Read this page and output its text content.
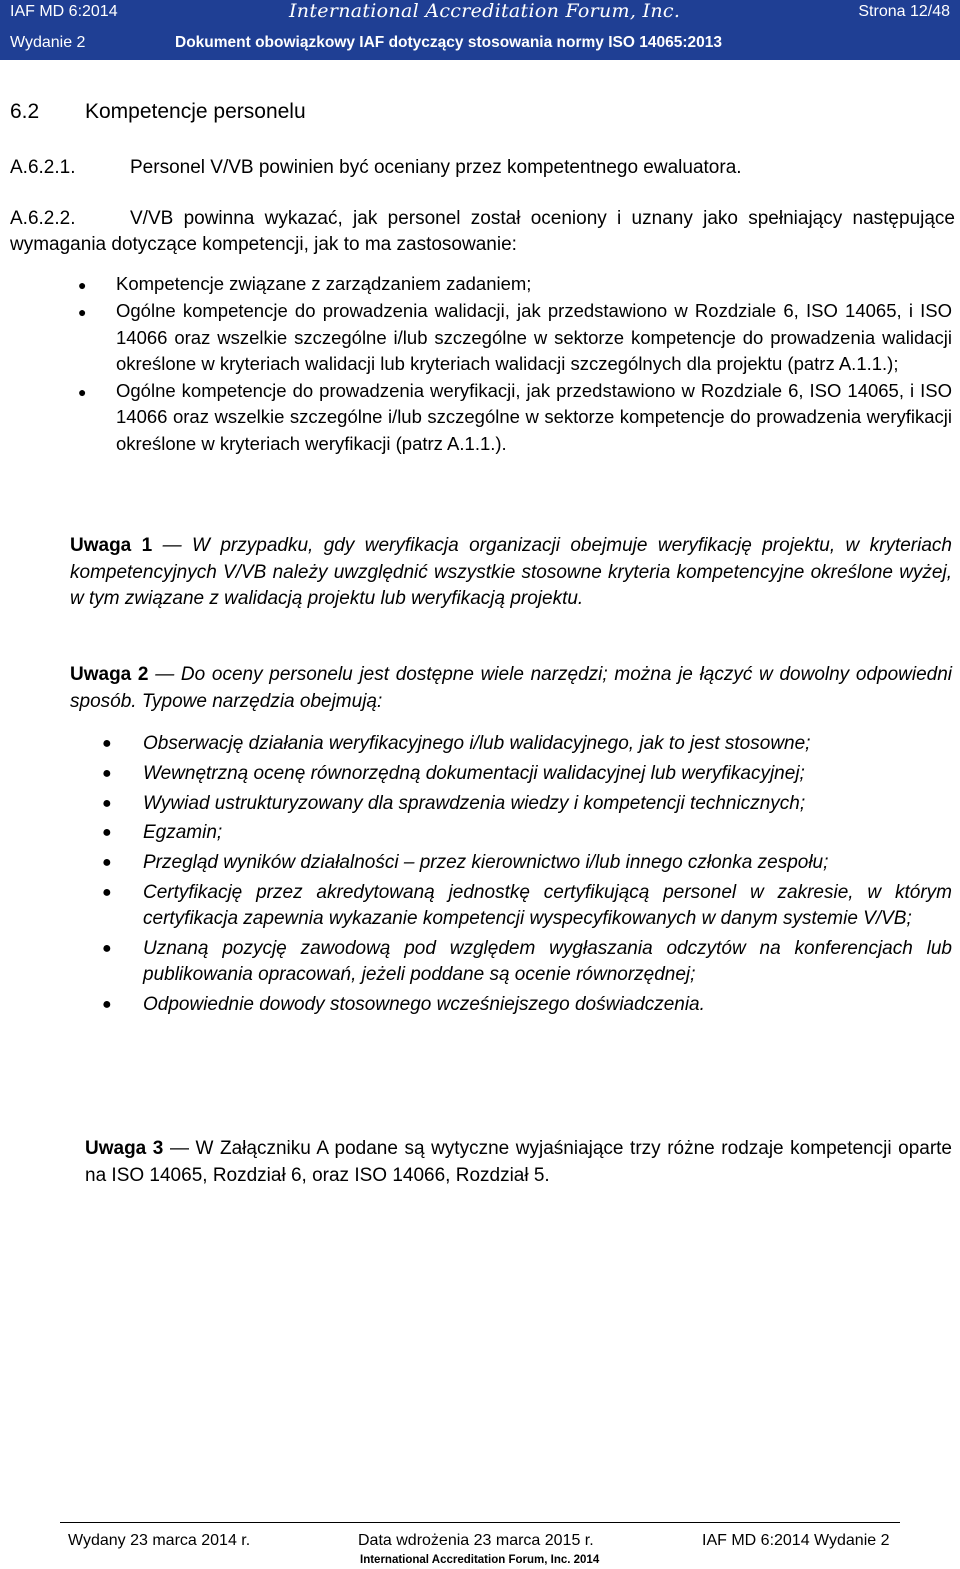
IAF MD 6:2014	International Accreditation Forum, Inc.	Strona 12/48
Wydanie 2	Dokument obowiązkowy IAF dotyczący stosowania normy ISO 14065:2013
6.2 Kompetencje personelu
A.6.2.1.	Personel V/VB powinien być oceniany przez kompetentnego ewaluatora.
A.6.2.2.	V/VB powinna wykazać, jak personel został oceniony i uznany jako spełniający następujące wymagania dotyczące kompetencji, jak to ma zastosowanie:
● Kompetencje związane z zarządzaniem zadaniem;
● Ogólne kompetencje do prowadzenia walidacji, jak przedstawiono w Rozdziale 6, ISO 14065, i ISO 14066 oraz wszelkie szczególne i/lub szczególne w sektorze kompetencje do prowadzenia walidacji określone w kryteriach walidacji lub kryteriach walidacji szczególnych dla projektu (patrz A.1.1.);
● Ogólne kompetencje do prowadzenia weryfikacji, jak przedstawiono w Rozdziale 6, ISO 14065, i ISO 14066 oraz wszelkie szczególne i/lub szczególne w sektorze kompetencje do prowadzenia weryfikacji określone w kryteriach weryfikacji (patrz A.1.1.).
Uwaga 1 — W przypadku, gdy weryfikacja organizacji obejmuje weryfikację projektu, w kryteriach kompetencyjnych V/VB należy uwzględnić wszystkie stosowne kryteria kompetencyjne określone wyżej, w tym związane z walidacją projektu lub weryfikacją projektu.
Uwaga 2 — Do oceny personelu jest dostępne wiele narzędzi; można je łączyć w dowolny odpowiedni sposób. Typowe narzędzia obejmują:
● Obserwację działania weryfikacyjnego i/lub walidacyjnego, jak to jest stosowne;
● Wewnętrzną ocenę równorzędną dokumentacji walidacyjnej lub weryfikacyjnej;
● Wywiad ustrukturyzowany dla sprawdzenia wiedzy i kompetencji technicznych;
● Egzamin;
● Przegląd wyników działalności – przez kierownictwo i/lub innego członka zespołu;
● Certyfikację przez akredytowaną jednostkę certyfikującą personel w zakresie, w którym certyfikacja zapewnia wykazanie kompetencji wyspecyfikowanych w danym systemie V/VB;
● Uznaną pozycję zawodową pod względem wygłaszania odczytów na konferencjach lub publikowania opracowań, jeżeli poddane są ocenie równorzędnej;
● Odpowiednie dowody stosownego wcześniejszego doświadczenia.
Uwaga 3 — W Załączniku A podane są wytyczne wyjaśniające trzy różne rodzaje kompetencji oparte na ISO 14065, Rozdział 6, oraz ISO 14066, Rozdział 5.
Wydany 23 marca 2014 r.	Data wdrożenia 23 marca 2015 r.	IAF MD 6:2014 Wydanie 2
International Accreditation Forum, Inc. 2014
